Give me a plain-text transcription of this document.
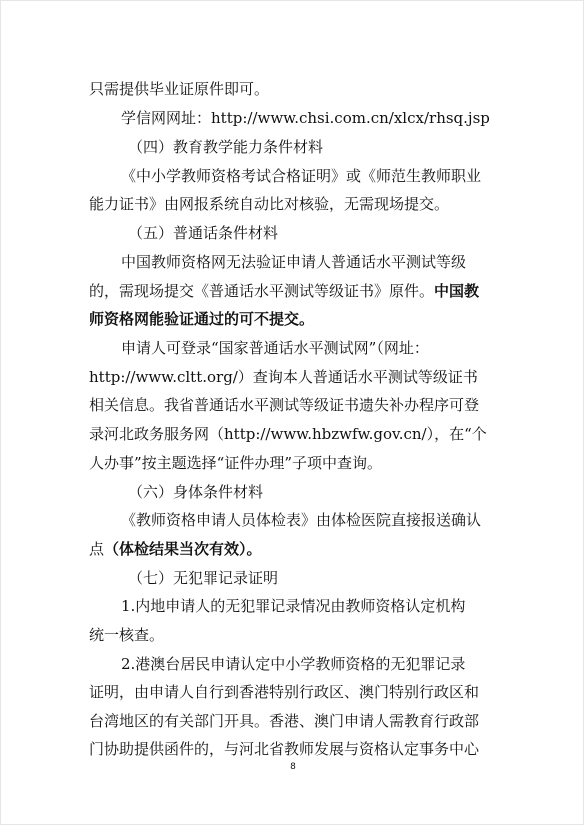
只需提供毕业证原件即可。
学信网网址：http://www.chsi.com.cn/xlcx/rhsq.jsp
（四）教育教学能力条件材料
《中小学教师资格考试合格证明》或《师范生教师职业
能力证书》由网报系统自动比对核验，无需现场提交。
（五）普通话条件材料
中国教师资格网无法验证申请人普通话水平测试等级
的，需现场提交《普通话水平测试等级证书》原件。中国教
师资格网能验证通过的可不提交。
申请人可登录“国家普通话水平测试网”（网址：
http://www.cltt.org/）查询本人普通话水平测试等级证书
相关信息。我省普通话水平测试等级证书遗失补办程序可登
录河北政务服务网（http://www.hbzwfw.gov.cn/），在“个
人办事”按主题选择“证件办理”子项中查询。
（六）身体条件材料
《教师资格申请人员体检表》由体检医院直接报送确认
点（体检结果当次有效）。
（七）无犯罪记录证明
1.内地申请人的无犯罪记录情况由教师资格认定机构
统一核查。
2.港澳台居民申请认定中小学教师资格的无犯罪记录
证明，由申请人自行到香港特别行政区、澳门特别行政区和
台湾地区的有关部门开具。香港、澳门申请人需教育行政部
门协助提供函件的，与河北省教师发展与资格认定事务中心
8
